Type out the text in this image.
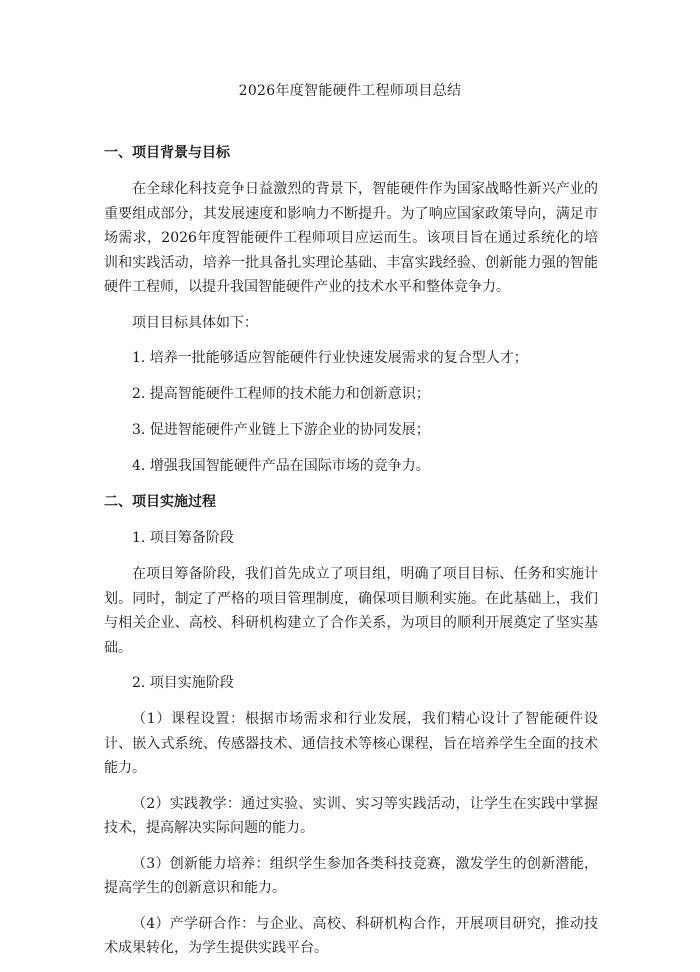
2026年度智能硬件工程师项目总结
一、项目背景与目标

在全球化科技竞争日益激烈的背景下，智能硬件作为国家战略性新兴产业的重要组成部分，其发展速度和影响力不断提升。为了响应国家政策导向，满足市场需求，2026年度智能硬件工程师项目应运而生。该项目旨在通过系统化的培训和实践活动，培养一批具备扎实理论基础、丰富实践经验、创新能力强的智能硬件工程师，以提升我国智能硬件产业的技术水平和整体竞争力。

项目目标具体如下：

1. 培养一批能够适应智能硬件行业快速发展需求的复合型人才；
2. 提高智能硬件工程师的技术能力和创新意识；
3. 促进智能硬件产业链上下游企业的协同发展；
4. 增强我国智能硬件产品在国际市场的竞争力。
二、项目实施过程
1. 项目筹备阶段

在项目筹备阶段，我们首先成立了项目组，明确了项目目标、任务和实施计划。同时，制定了严格的项目管理制度，确保项目顺利实施。在此基础上，我们与相关企业、高校、科研机构建立了合作关系，为项目的顺利开展奠定了坚实基础。

2. 项目实施阶段

（1）课程设置：根据市场需求和行业发展，我们精心设计了智能硬件设计、嵌入式系统、传感器技术、通信技术等核心课程，旨在培养学生全面的技术能力。

（2）实践教学：通过实验、实训、实习等实践活动，让学生在实践中掌握技术，提高解决实际问题的能力。

（3）创新能力培养：组织学生参加各类科技竞赛，激发学生的创新潜能，提高学生的创新意识和能力。

（4）产学研合作：与企业、高校、科研机构合作，开展项目研究，推动技术成果转化，为学生提供实践平台。
